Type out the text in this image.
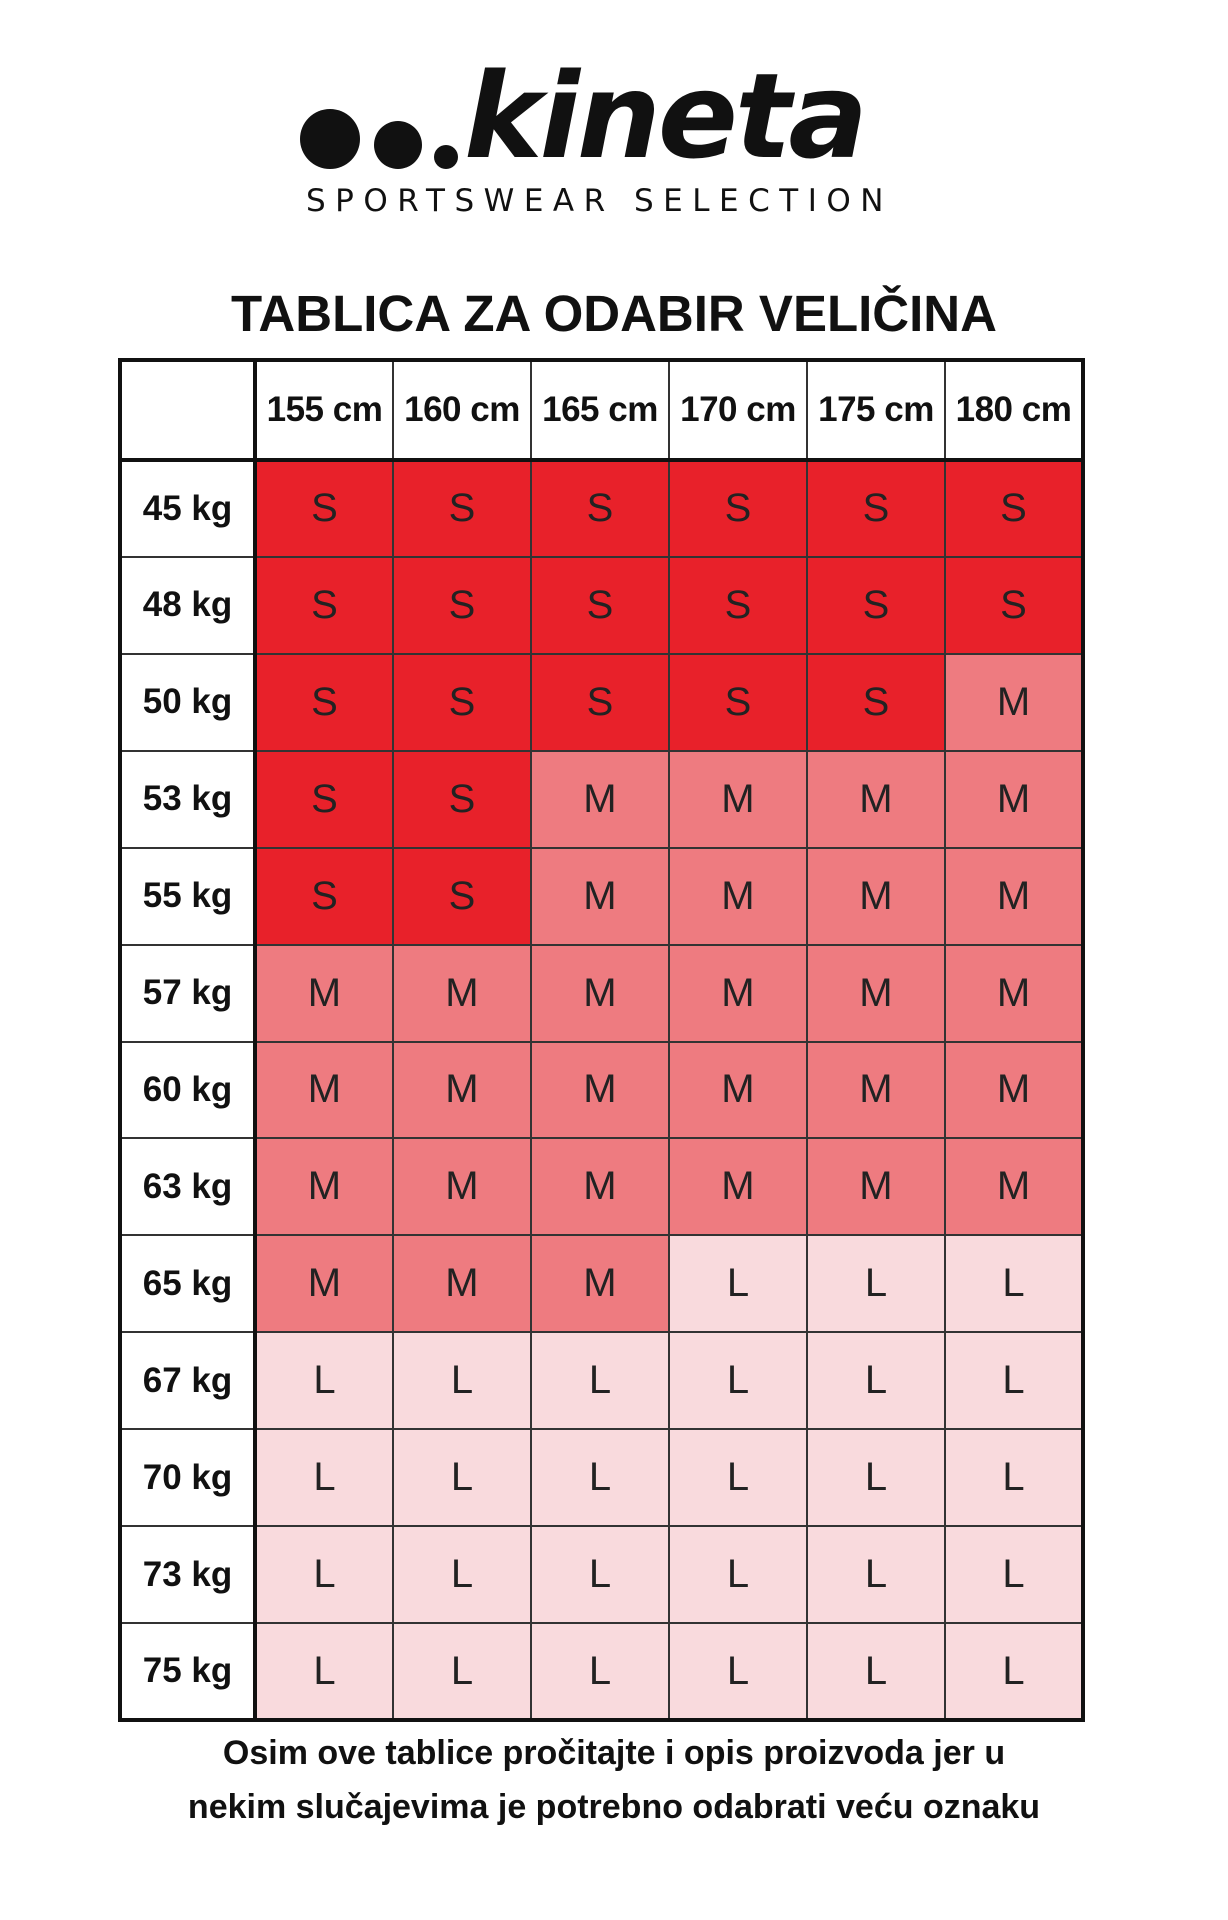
kineta
SPORTSWEAR SELECTION
TABLICA ZA ODABIR VELIČINA
	155 cm	160 cm	165 cm	170 cm	175 cm	180 cm
45 kg	S	S	S	S	S	S
48 kg	S	S	S	S	S	S
50 kg	S	S	S	S	S	M
53 kg	S	S	M	M	M	M
55 kg	S	S	M	M	M	M
57 kg	M	M	M	M	M	M
60 kg	M	M	M	M	M	M
63 kg	M	M	M	M	M	M
65 kg	M	M	M	L	L	L
67 kg	L	L	L	L	L	L
70 kg	L	L	L	L	L	L
73 kg	L	L	L	L	L	L
75 kg	L	L	L	L	L	L
Osim ove tablice pročitajte i opis proizvoda jer u
nekim slučajevima je potrebno odabrati veću oznaku
